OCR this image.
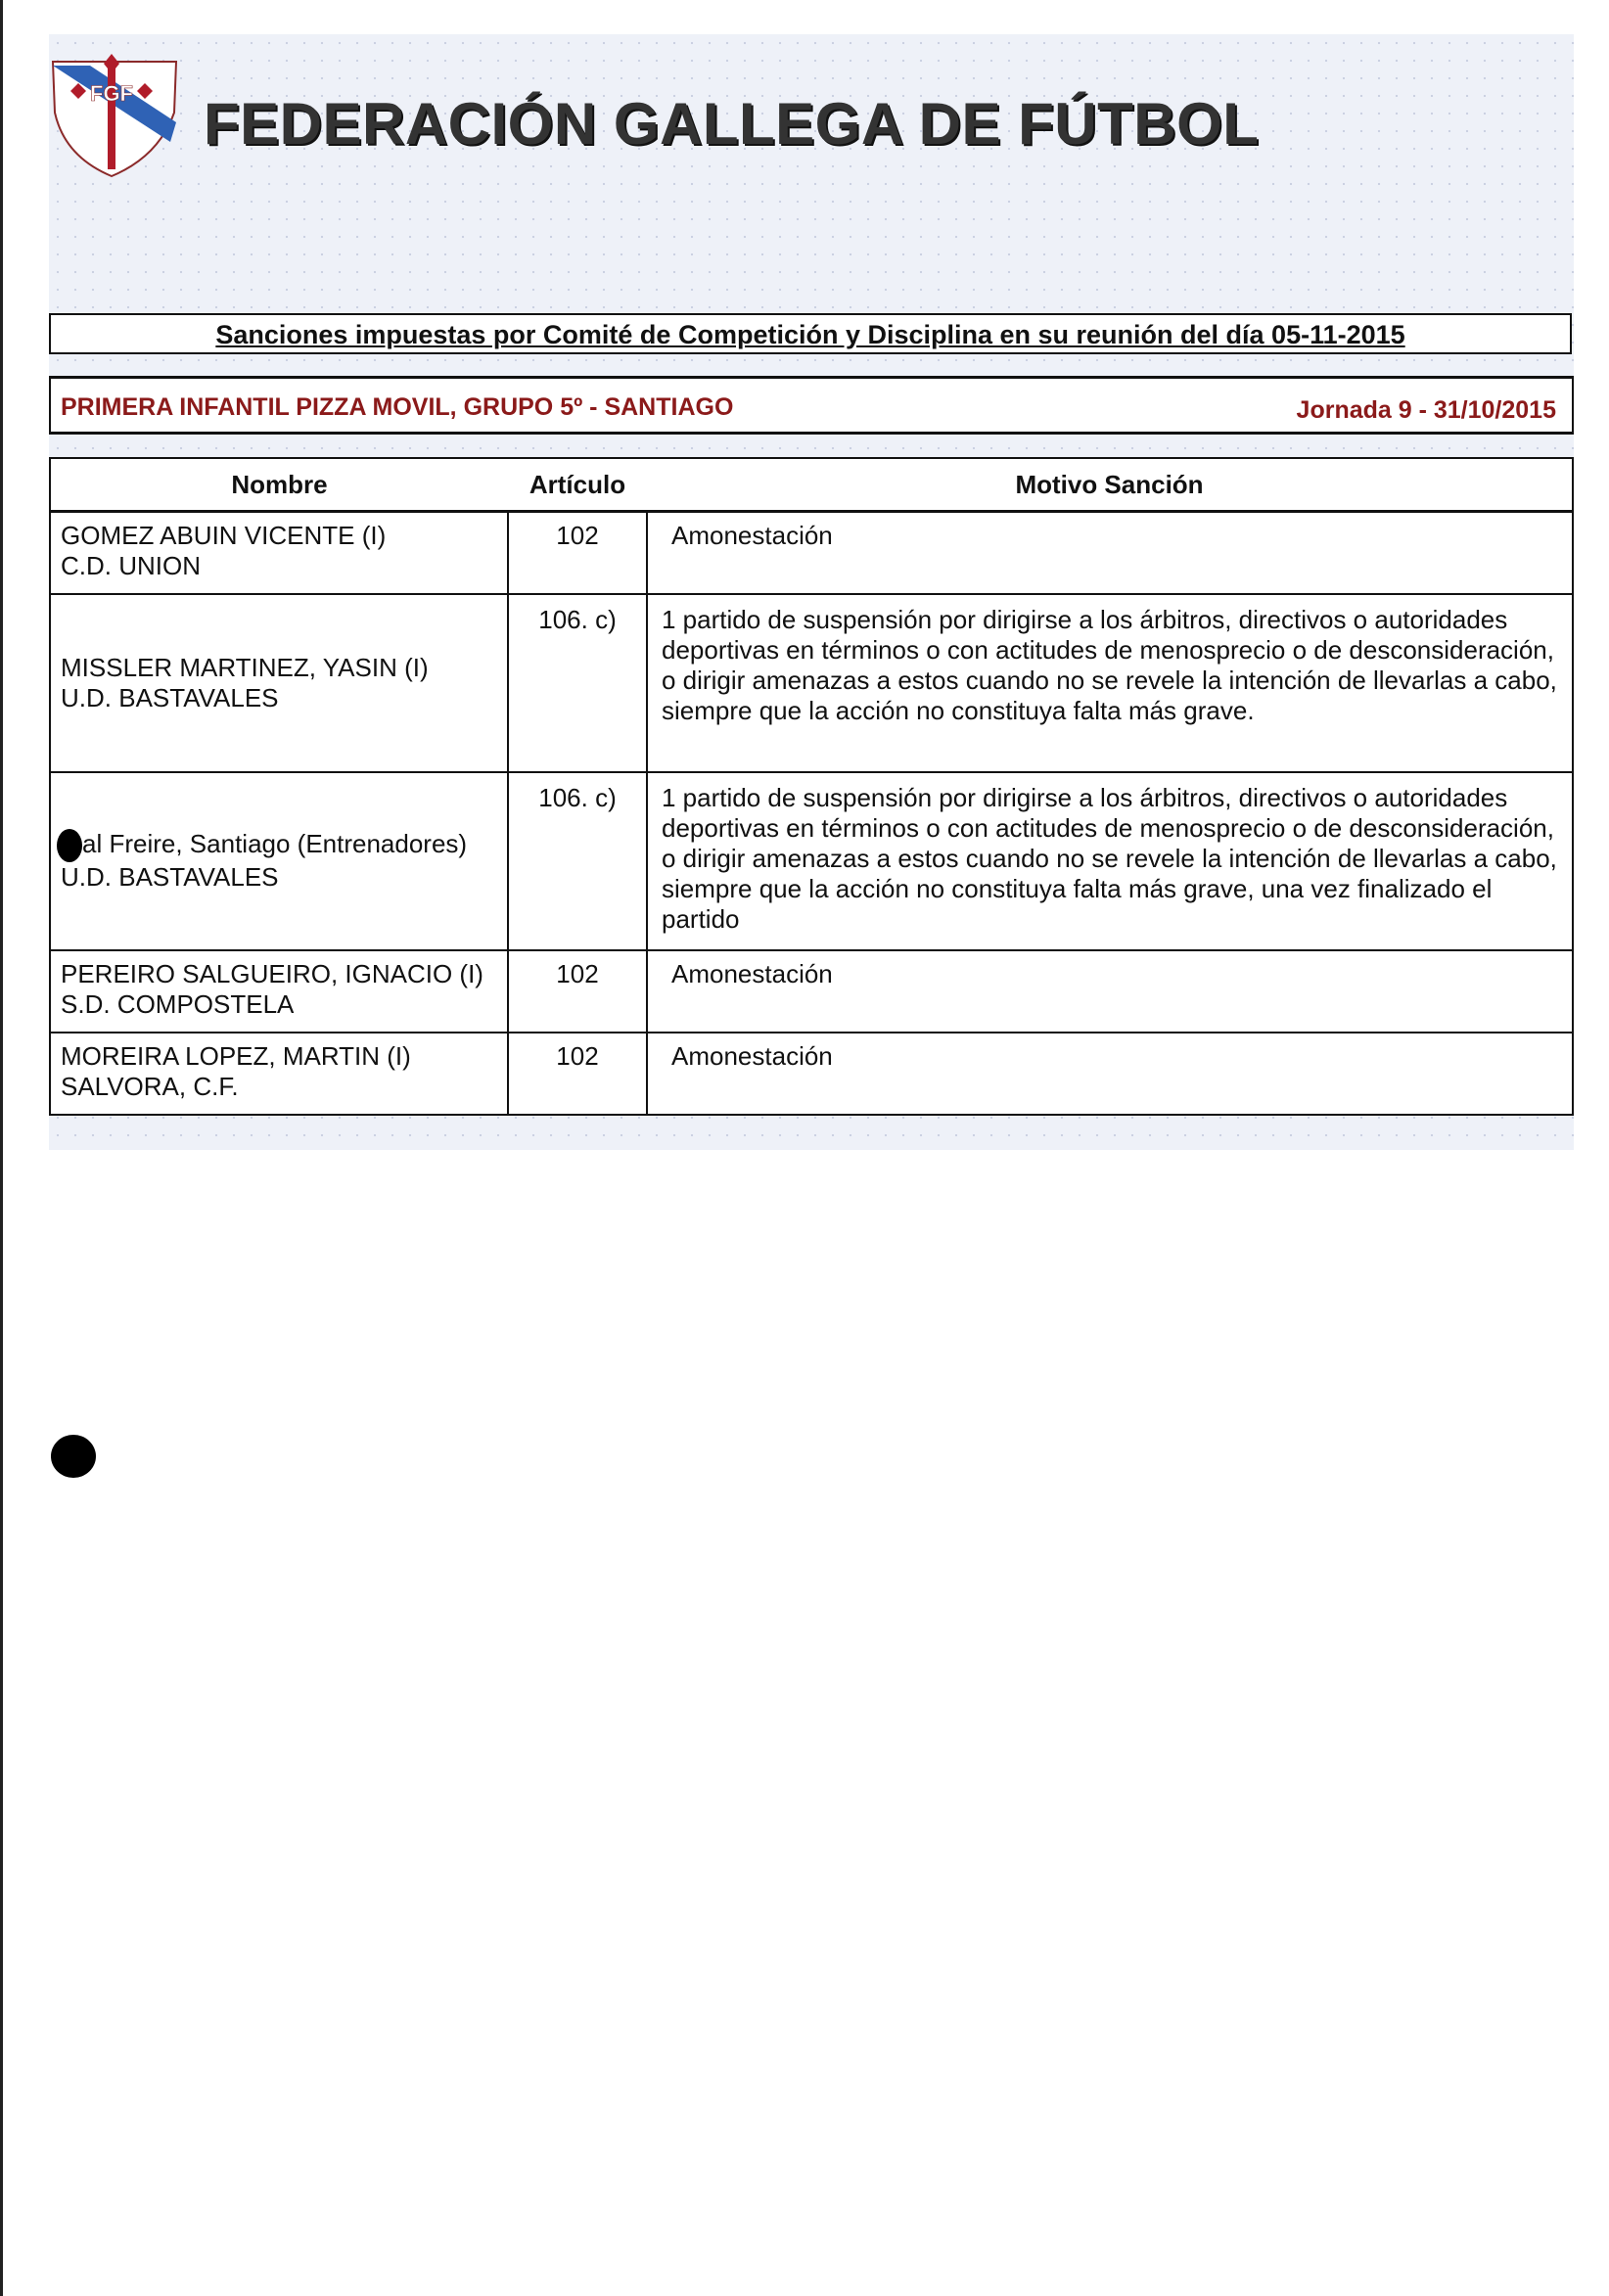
FGF FEDERACIÓN GALLEGA DE FÚTBOL
Sanciones impuestas por Comité de Competición y Disciplina en su reunión del día 05-11-2015
PRIMERA INFANTIL PIZZA MOVIL, GRUPO 5º - SANTIAGO	Jornada 9 - 31/10/2015
Nombre	Artículo	Motivo Sanción

GOMEZ ABUIN VICENTE (I)
C.D. UNION	102	Amonestación

MISSLER MARTINEZ, YASIN (I)
U.D. BASTAVALES	106. c)	1 partido de suspensión por dirigirse a los árbitros, directivos o autoridades deportivas en términos o con actitudes de menosprecio o de desconsideración, o dirigir amenazas a estos cuando no se revele la intención de llevarlas a cabo, siempre que la acción no constituya falta más grave.

al Freire, Santiago (Entrenadores)
U.D. BASTAVALES	106. c)	1 partido de suspensión por dirigirse a los árbitros, directivos o autoridades deportivas en términos o con actitudes de menosprecio o de desconsideración, o dirigir amenazas a estos cuando no se revele la intención de llevarlas a cabo, siempre que la acción no constituya falta más grave, una vez finalizado el partido

PEREIRO SALGUEIRO, IGNACIO (I)
S.D. COMPOSTELA	102	Amonestación

MOREIRA LOPEZ, MARTIN (I)
SALVORA, C.F.	102	Amonestación
